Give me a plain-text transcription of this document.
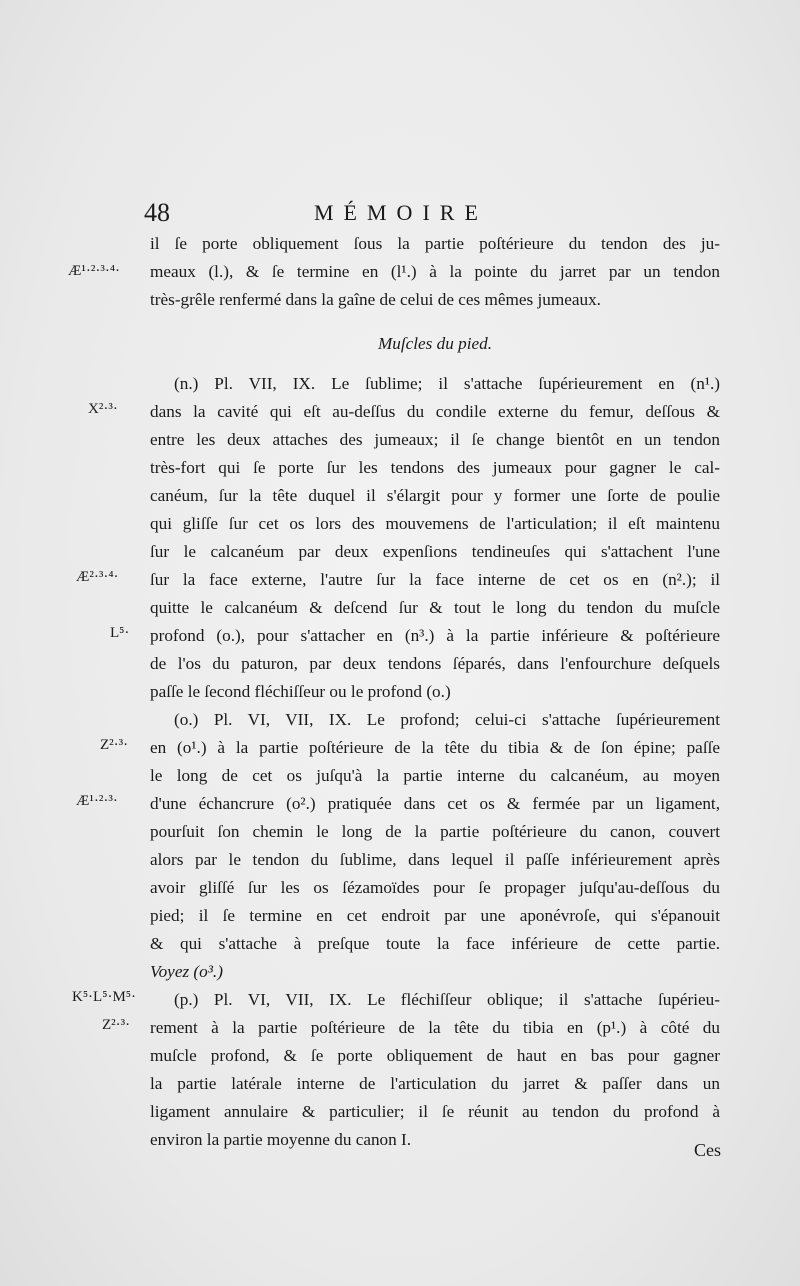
48	MÉMOIRE
il ſe porte obliquement ſous la partie poſtérieure du tendon des ju-
meaux (l.), & ſe termine en (l¹.) à la pointe du jarret par un tendon
très-grêle renfermé dans la gaîne de celui de ces mêmes jumeaux.
Muſcles du pied.
(n.) Pl. VII, IX. Le ſublime; il s'attache ſupérieurement en (n¹.)
dans la cavité qui eſt au-deſſus du condile externe du femur, deſſous &
entre les deux attaches des jumeaux; il ſe change bientôt en un tendon
très-fort qui ſe porte ſur les tendons des jumeaux pour gagner le cal-
canéum, ſur la tête duquel il s'élargit pour y former une ſorte de poulie
qui gliſſe ſur cet os lors des mouvemens de l'articulation; il eſt maintenu
ſur le calcanéum par deux expenſions tendineuſes qui s'attachent l'une
ſur la face externe, l'autre ſur la face interne de cet os en (n².); il
quitte le calcanéum & deſcend ſur & tout le long du tendon du muſcle
profond (o.), pour s'attacher en (n³.) à la partie inférieure & poſtérieure
de l'os du paturon, par deux tendons ſéparés, dans l'enfourchure deſquels
paſſe le ſecond fléchiſſeur ou le profond (o.)
(o.) Pl. VI, VII, IX. Le profond; celui-ci s'attache ſupérieurement
en (o¹.) à la partie poſtérieure de la tête du tibia & de ſon épine; paſſe
le long de cet os juſqu'à la partie interne du calcanéum, au moyen
d'une échancrure (o².) pratiquée dans cet os & fermée par un ligament,
pourſuit ſon chemin le long de la partie poſtérieure du canon, couvert
alors par le tendon du ſublime, dans lequel il paſſe inférieurement après
avoir gliſſé ſur les os ſézamoïdes pour ſe propager juſqu'au-deſſous du
pied; il ſe termine en cet endroit par une aponévroſe, qui s'épanouit
& qui s'attache à preſque toute la face inférieure de cette partie.
Voyez (o³.)
(p.) Pl. VI, VII, IX. Le fléchiſſeur oblique; il s'attache ſupérieu-
rement à la partie poſtérieure de la tête du tibia en (p¹.) à côté du
muſcle profond, & ſe porte obliquement de haut en bas pour gagner
la partie latérale interne de l'articulation du jarret & paſſer dans un
ligament annulaire & particulier; il ſe réunit au tendon du profond à
environ la partie moyenne du canon I.
Æ¹·²·³·⁴·
X²·³·
Æ²·³·⁴·
L⁵·
Z²·³·
Æ¹·²·³·
K⁵·L⁵·M⁵·
Z²·³·
Ces
